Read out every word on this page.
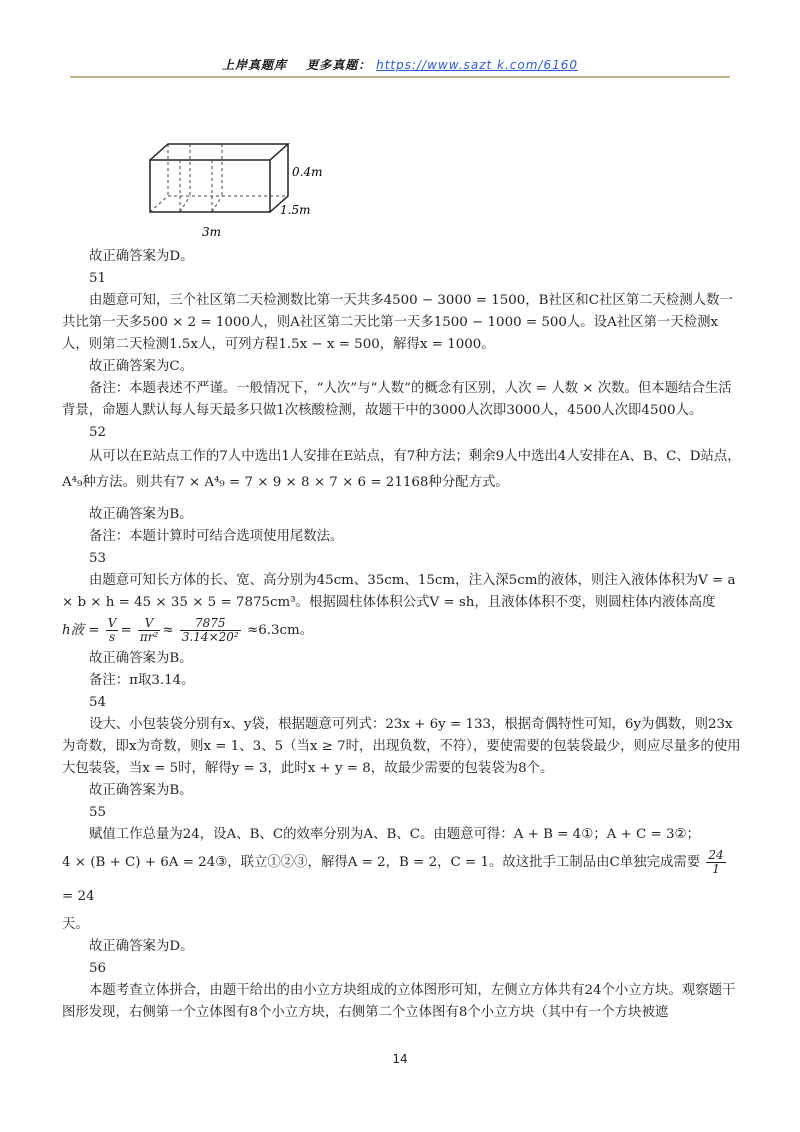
上岸真题库 更多真题： https://www.sazt k.com/6160
0.4m
1.5m
3m

故正确答案为D。

51

由题意可知，三个社区第二天检测数比第一天共多4500 − 3000 = 1500，B社区和C社区第二天检测人数一共比第一天多500 × 2 = 1000人，则A社区第二天比第一天多1500 − 1000 = 500人。设A社区第一天检测x人，则第二天检测1.5x人，可列方程1.5x − x = 500，解得x = 1000。

故正确答案为C。

备注：本题表述不严谨。一般情况下，“人次”与“人数”的概念有区别，人次 = 人数 × 次数。但本题结合生活背景，命题人默认每人每天最多只做1次核酸检测，故题干中的3000人次即3000人，4500人次即4500人。

52

从可以在E站点工作的7人中选出1人安排在E站点，有7种方法；剩余9人中选出4人安排在A、B、C、D站点，A⁴₉种方法。则共有7 × A⁴₉ = 7 × 9 × 8 × 7 × 6 = 21168种分配方式。

故正确答案为B。

备注：本题计算时可结合选项使用尾数法。

53

由题意可知长方体的长、宽、高分别为45cm、35cm、15cm，注入深5cm的液体，则注入液体体积为V = a × b × h = 45 × 35 × 5 = 7875cm³。根据圆柱体体积公式V = sh，且液体体积不变，则圆柱体内液体高度

h液 = $\frac{V}{s} = \frac{V}{\text{πr²}} \approx \frac{7875}{\text{3.14×20²}} \approx 6.3cm$。

故正确答案为B。

备注：π取3.14。

54

设大、小包装袋分别有x、y袋，根据题意可列式：23x + 6y = 133，根据奇偶特性可知，6y为偶数，则23x为奇数，即x为奇数，则x = 1、3、5（当x ≥ 7时，出现负数，不符），要使需要的包装袋最少，则应尽量多的使用大包装袋，当x = 5时，解得y = 3，此时x + y = 8，故最少需要的包装袋为8个。

故正确答案为B。

55

赋值工作总量为24，设A、B、C的效率分别为A、B、C。由题意可得：A + B = 4①；A + C = 3②；

4 × (B + C) + 6A = 24③，联立①②③，解得A = 2，B = 2，C = 1。故这批手工制品由C单独完成需要 $\frac{24}{1}$
= 24

天。

故正确答案为D。

56

本题考查立体拼合，由题干给出的由小立方块组成的立体图形可知，左侧立方体共有24个小立方块。观察题干图形发现，右侧第一个立体图有8个小立方块，右侧第二个立体图有8个小立方块（其中有一个方块被遮

14
